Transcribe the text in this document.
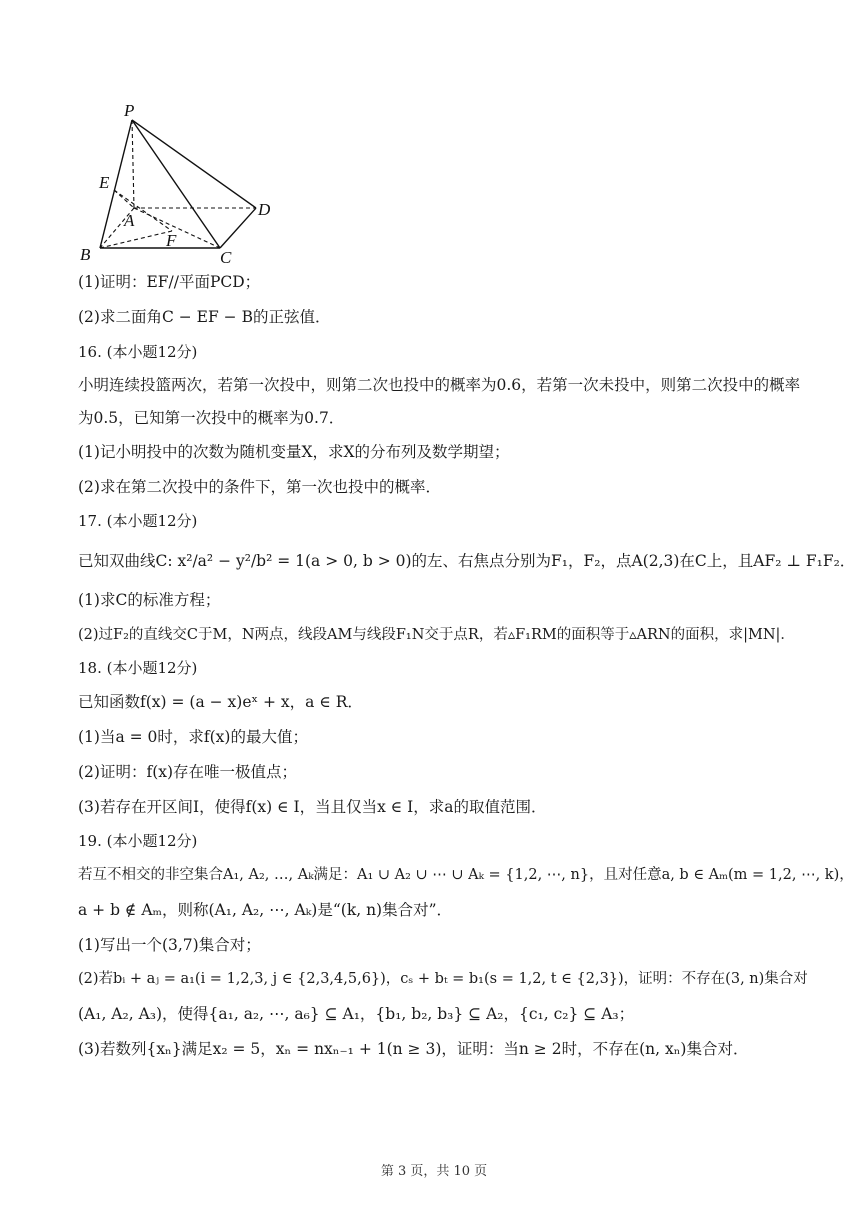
P
E
A
D
F
B	C
(1)证明：EF//平面PCD；
(2)求二面角C − EF − B的正弦值．
16. (本小题12分)
小明连续投篮两次，若第一次投中，则第二次也投中的概率为0.6，若第一次未投中，则第二次投中的概率
为0.5，已知第一次投中的概率为0.7．
(1)记小明投中的次数为随机变量X，求X的分布列及数学期望；
(2)求在第二次投中的条件下，第一次也投中的概率．
17. (本小题12分)
已知双曲线C: x²/a² − y²/b² = 1(a > 0, b > 0)的左、右焦点分别为F₁，F₂，点A(2,3)在C上，且AF₂ ⊥ F₁F₂．
(1)求C的标准方程；
(2)过F₂的直线交C于M，N两点，线段AM与线段F₁N交于点R，若▵F₁RM的面积等于▵ARN的面积，求|MN|．
18. (本小题12分)
已知函数f(x) = (a − x)eˣ + x，a ∈ R．
(1)当a = 0时，求f(x)的最大值；
(2)证明：f(x)存在唯一极值点；
(3)若存在开区间I，使得f(x) ∈ I，当且仅当x ∈ I，求a的取值范围．
19. (本小题12分)
若互不相交的非空集合A₁, A₂, …, Aₖ满足：A₁ ∪ A₂ ∪ ⋯ ∪ Aₖ = {1,2, ⋯, n}，且对任意a, b ∈ Aₘ(m = 1,2, ⋯, k)，
a + b ∉ Aₘ，则称(A₁, A₂, ⋯, Aₖ)是“(k, n)集合对”．
(1)写出一个(3,7)集合对；
(2)若bᵢ + aⱼ = a₁(i = 1,2,3, j ∈ {2,3,4,5,6})，cₛ + bₜ = b₁(s = 1,2, t ∈ {2,3})，证明：不存在(3, n)集合对
(A₁, A₂, A₃)，使得{a₁, a₂, ⋯, a₆} ⊆ A₁，{b₁, b₂, b₃} ⊆ A₂，{c₁, c₂} ⊆ A₃；
(3)若数列{xₙ}满足x₂ = 5，xₙ = nxₙ₋₁ + 1(n ≥ 3)，证明：当n ≥ 2时，不存在(n, xₙ)集合对．
第 3 页，共 10 页
